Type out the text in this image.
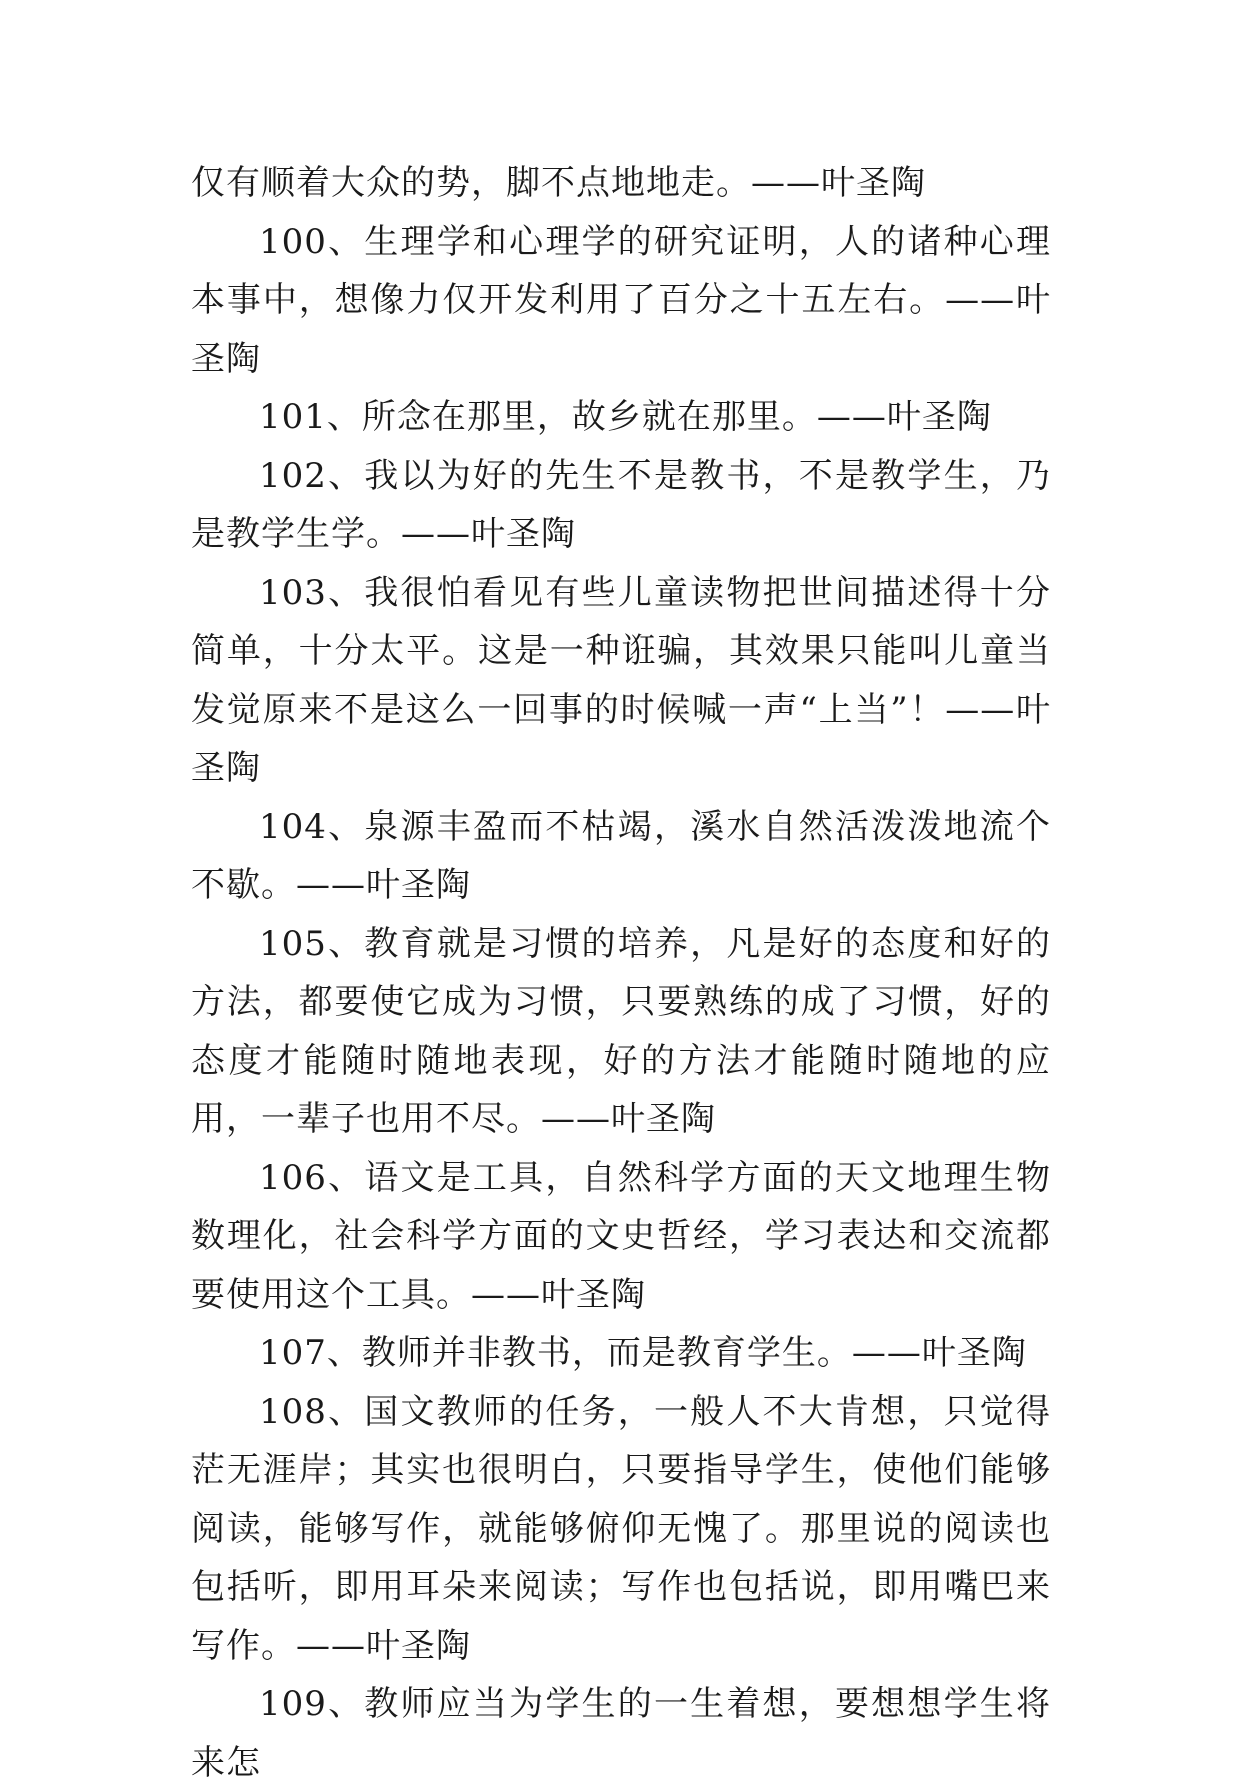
仅有顺着大众的势，脚不点地地走。——叶圣陶

100、生理学和心理学的研究证明，人的诸种心理本事中，想像力仅开发利用了百分之十五左右。——叶圣陶

101、所念在那里，故乡就在那里。——叶圣陶

102、我以为好的先生不是教书，不是教学生，乃是教学生学。——叶圣陶

103、我很怕看见有些儿童读物把世间描述得十分简单，十分太平。这是一种诳骗，其效果只能叫儿童当发觉原来不是这么一回事的时候喊一声“上当”！——叶圣陶

104、泉源丰盈而不枯竭，溪水自然活泼泼地流个不歇。——叶圣陶

105、教育就是习惯的培养，凡是好的态度和好的方法，都要使它成为习惯，只要熟练的成了习惯，好的态度才能随时随地表现，好的方法才能随时随地的应用，一辈子也用不尽。——叶圣陶

106、语文是工具，自然科学方面的天文地理生物数理化，社会科学方面的文史哲经，学习表达和交流都要使用这个工具。——叶圣陶

107、教师并非教书，而是教育学生。——叶圣陶

108、国文教师的任务，一般人不大肯想，只觉得茫无涯岸；其实也很明白，只要指导学生，使他们能够阅读，能够写作，就能够俯仰无愧了。那里说的阅读也包括听，即用耳朵来阅读；写作也包括说，即用嘴巴来写作。——叶圣陶

109、教师应当为学生的一生着想，要想想学生将来怎
